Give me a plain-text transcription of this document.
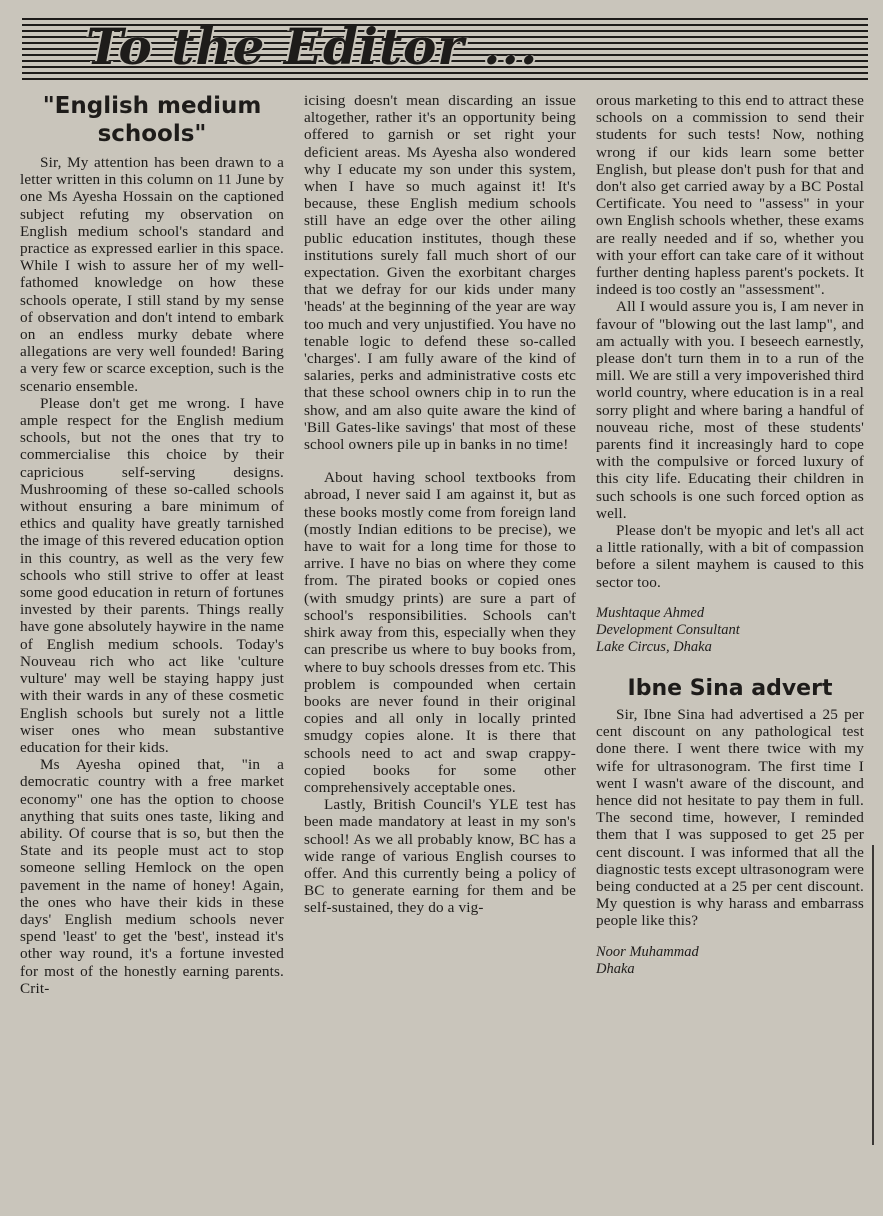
To the Editor ...
"English medium schools"

Sir, My attention has been drawn to a letter written in this column on 11 June by one Ms Ayesha Hossain on the captioned subject refuting my observation on English medium school's standard and practice as expressed earlier in this space. While I wish to assure her of my well-fathomed knowledge on how these schools operate, I still stand by my sense of observation and don't intend to embark on an endless murky debate where allegations are very well founded! Baring a very few or scarce exception, such is the scenario ensemble.

Please don't get me wrong. I have ample respect for the English medium schools, but not the ones that try to commercialise this choice by their capricious self-serving designs. Mushrooming of these so-called schools without ensuring a bare minimum of ethics and quality have greatly tarnished the image of this revered education option in this country, as well as the very few schools who still strive to offer at least some good education in return of fortunes invested by their parents. Things really have gone absolutely haywire in the name of English medium schools. Today's Nouveau rich who act like 'culture vulture' may well be staying happy just with their wards in any of these cosmetic English schools but surely not a little wiser ones who mean substantive education for their kids.

Ms Ayesha opined that, "in a democratic country with a free market economy" one has the option to choose anything that suits ones taste, liking and ability. Of course that is so, but then the State and its people must act to stop someone selling Hemlock on the open pavement in the name of honey! Again, the ones who have their kids in these days' English medium schools never spend 'least' to get the 'best', instead it's other way round, it's a fortune invested for most of the honestly earning parents. Crit-

icising doesn't mean discarding an issue altogether, rather it's an opportunity being offered to garnish or set right your deficient areas. Ms Ayesha also wondered why I educate my son under this system, when I have so much against it! It's because, these English medium schools still have an edge over the other ailing public education institutes, though these institutions surely fall much short of our expectation. Given the exorbitant charges that we defray for our kids under many 'heads' at the beginning of the year are way too much and very unjustified. You have no tenable logic to defend these so-called 'charges'. I am fully aware of the kind of salaries, perks and administrative costs etc that these school owners chip in to run the show, and am also quite aware the kind of 'Bill Gates-like savings' that most of these school owners pile up in banks in no time!

About having school textbooks from abroad, I never said I am against it, but as these books mostly come from foreign land (mostly Indian editions to be precise), we have to wait for a long time for those to arrive. I have no bias on where they come from. The pirated books or copied ones (with smudgy prints) are sure a part of school's responsibilities. Schools can't shirk away from this, especially when they can prescribe us where to buy books from, where to buy schools dresses from etc. This problem is compounded when certain books are never found in their original copies and all only in locally printed smudgy copies alone. It is there that schools need to act and swap crappy-copied books for some other comprehensively acceptable ones.

Lastly, British Council's YLE test has been made mandatory at least in my son's school! As we all probably know, BC has a wide range of various English courses to offer. And this currently being a policy of BC to generate earning for them and be self-sustained, they do a vig-

orous marketing to this end to attract these schools on a commission to send their students for such tests! Now, nothing wrong if our kids learn some better English, but please don't push for that and don't also get carried away by a BC Postal Certificate. You need to "assess" in your own English schools whether, these exams are really needed and if so, whether you with your effort can take care of it without further denting hapless parent's pockets. It indeed is too costly an "assessment".

All I would assure you is, I am never in favour of "blowing out the last lamp", and am actually with you. I beseech earnestly, please don't turn them in to a run of the mill. We are still a very impoverished third world country, where education is in a real sorry plight and where baring a handful of nouveau riche, most of these students' parents find it increasingly hard to cope with the compulsive or forced luxury of this city life. Educating their children in such schools is one such forced option as well.

Please don't be myopic and let's all act a little rationally, with a bit of compassion before a silent mayhem is caused to this sector too.

Mushtaque Ahmed
Development Consultant
Lake Circus, Dhaka
Ibne Sina advert

Sir, Ibne Sina had advertised a 25 per cent discount on any pathological test done there. I went there twice with my wife for ultrasonogram. The first time I went I wasn't aware of the discount, and hence did not hesitate to pay them in full. The second time, however, I reminded them that I was supposed to get 25 per cent discount. I was informed that all the diagnostic tests except ultrasonogram were being conducted at a 25 per cent discount. My question is why harass and embarrass people like this?

Noor Muhammad
Dhaka
